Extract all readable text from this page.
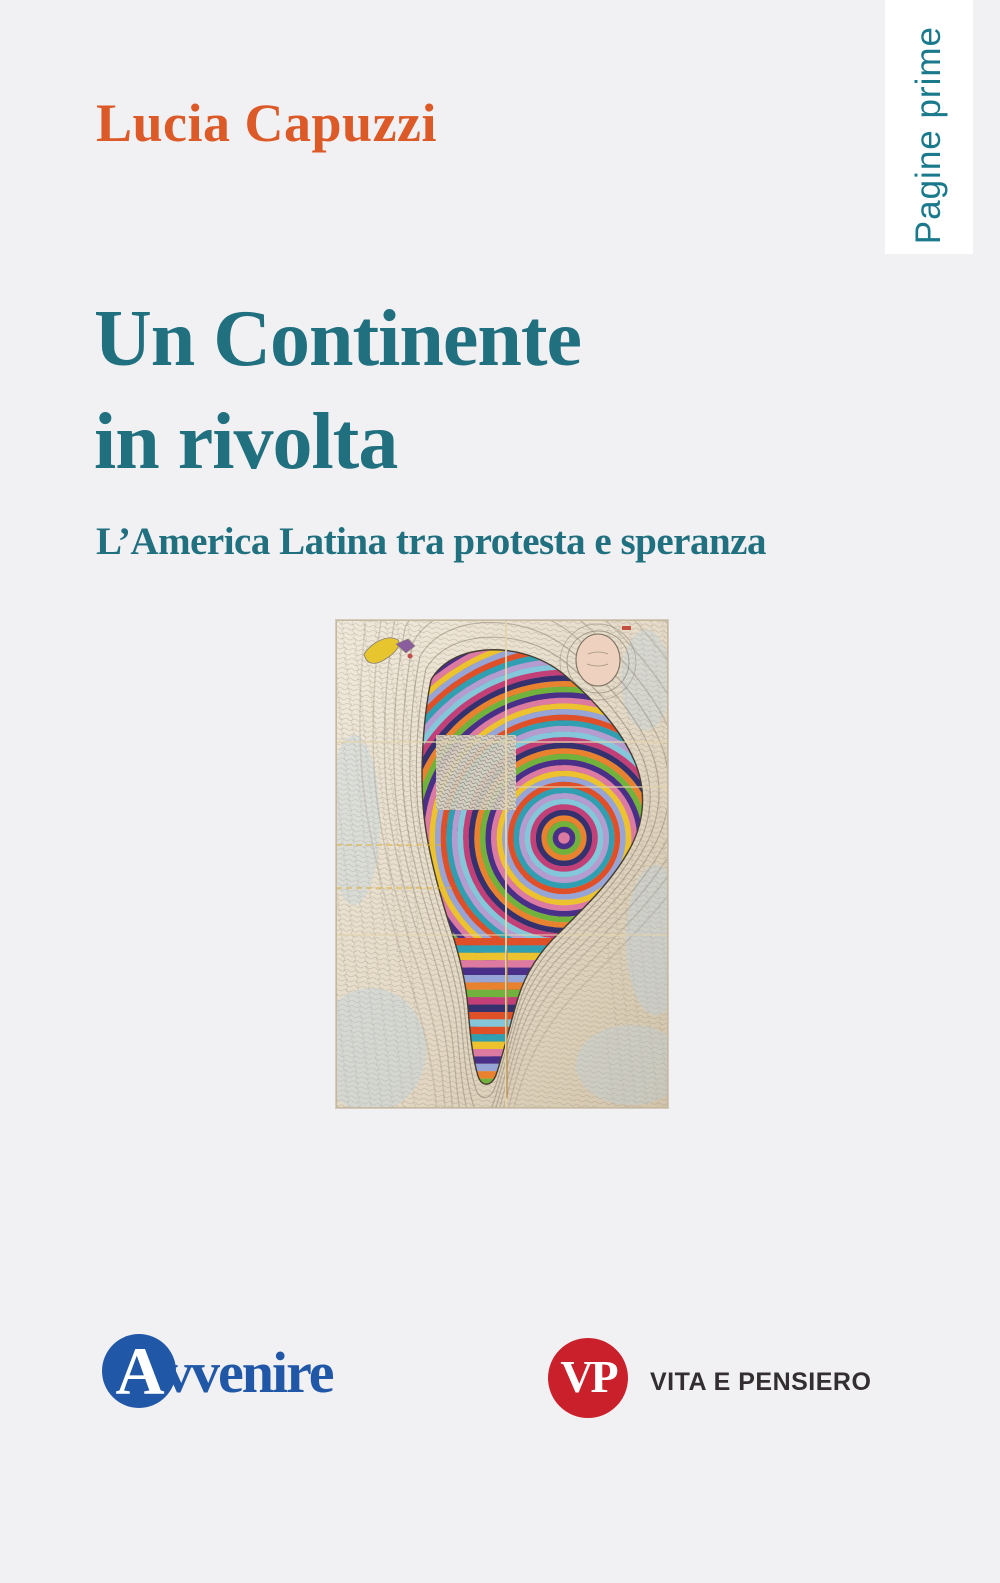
Pagine prime
Lucia Capuzzi
Un Continente
in rivolta
L’America Latina tra protesta e speranza
A vvenire	VP	VITA E PENSIERO
